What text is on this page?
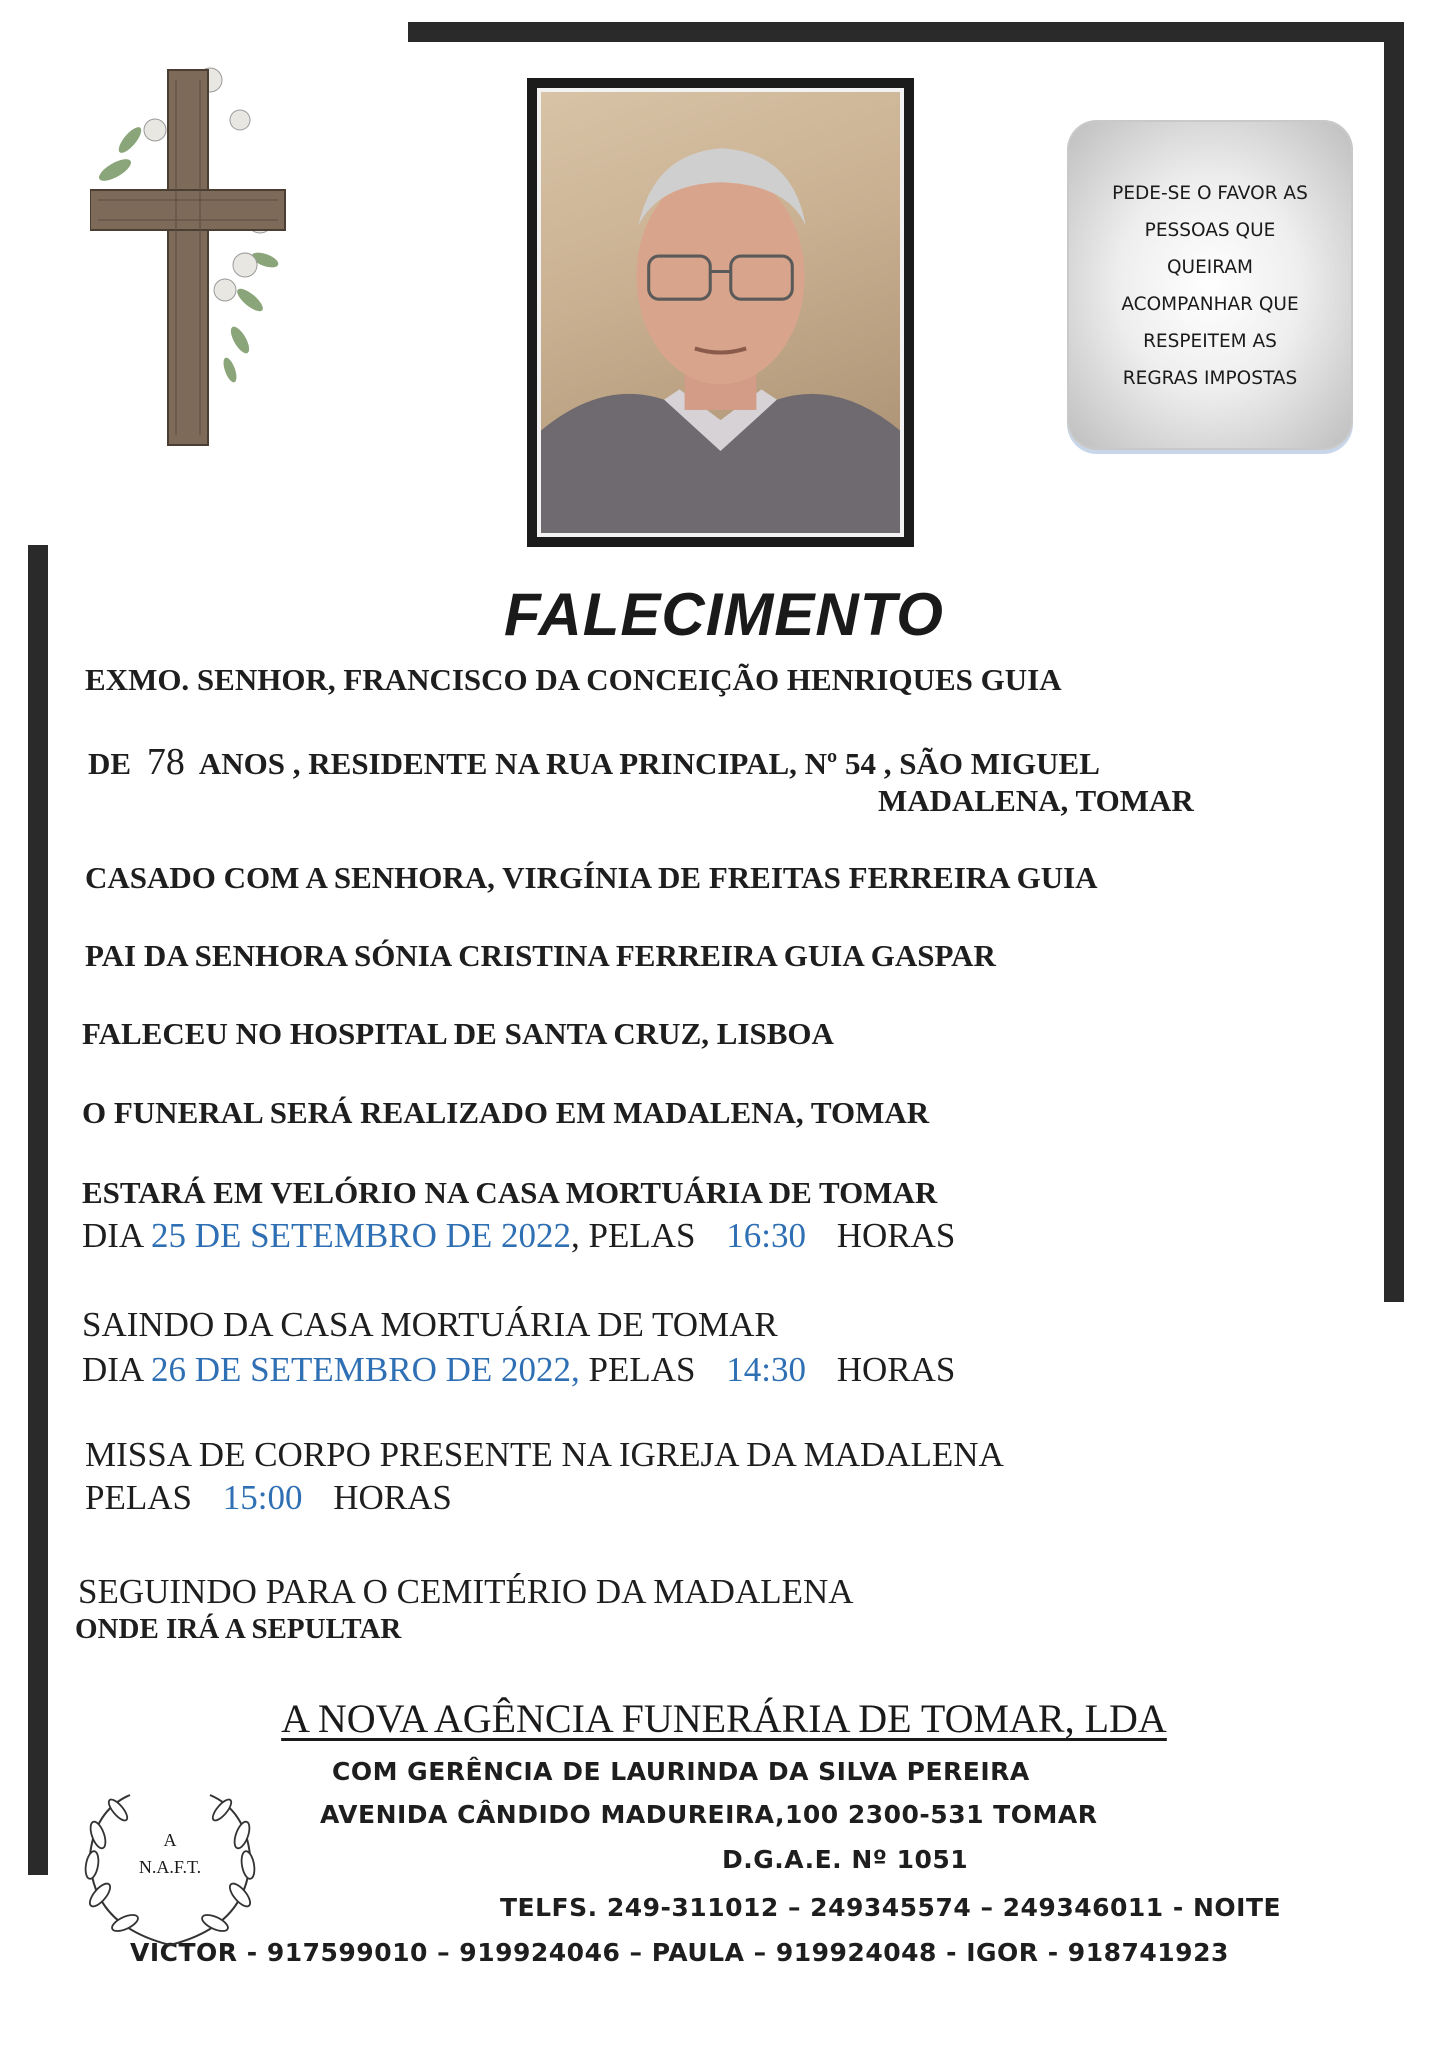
PEDE-SE O FAVOR AS
PESSOAS QUE
QUEIRAM
ACOMPANHAR QUE
RESPEITEM AS
REGRAS IMPOSTAS
FALECIMENTO
EXMO. SENHOR, FRANCISCO DA CONCEIÇÃO HENRIQUES GUIA
DE 78 ANOS , RESIDENTE NA RUA PRINCIPAL, Nº 54 , SÃO MIGUEL
MADALENA, TOMAR
CASADO COM A SENHORA, VIRGÍNIA DE FREITAS FERREIRA GUIA
PAI DA SENHORA SÓNIA CRISTINA FERREIRA GUIA GASPAR
FALECEU NO HOSPITAL DE SANTA CRUZ, LISBOA
O FUNERAL SERÁ REALIZADO EM MADALENA, TOMAR
ESTARÁ EM VELÓRIO NA CASA MORTUÁRIA DE TOMAR
DIA 25 DE SETEMBRO DE 2022, PELAS 16:30 HORAS
SAINDO DA CASA MORTUÁRIA DE TOMAR
DIA 26 DE SETEMBRO DE 2022, PELAS 14:30 HORAS
MISSA DE CORPO PRESENTE NA IGREJA DA MADALENA
PELAS 15:00 HORAS
SEGUINDO PARA O CEMITÉRIO DA MADALENA
ONDE IRÁ A SEPULTAR
A NOVA AGÊNCIA FUNERÁRIA DE TOMAR, LDA
COM GERÊNCIA DE LAURINDA DA SILVA PEREIRA
AVENIDA CÂNDIDO MADUREIRA,100 2300-531 TOMAR
D.G.A.E. Nº 1051
TELFS. 249-311012 – 249345574 – 249346011 - NOITE
VICTOR - 917599010 – 919924046 – PAULA – 919924048 - IGOR - 918741923
A
N.A.F.T.
